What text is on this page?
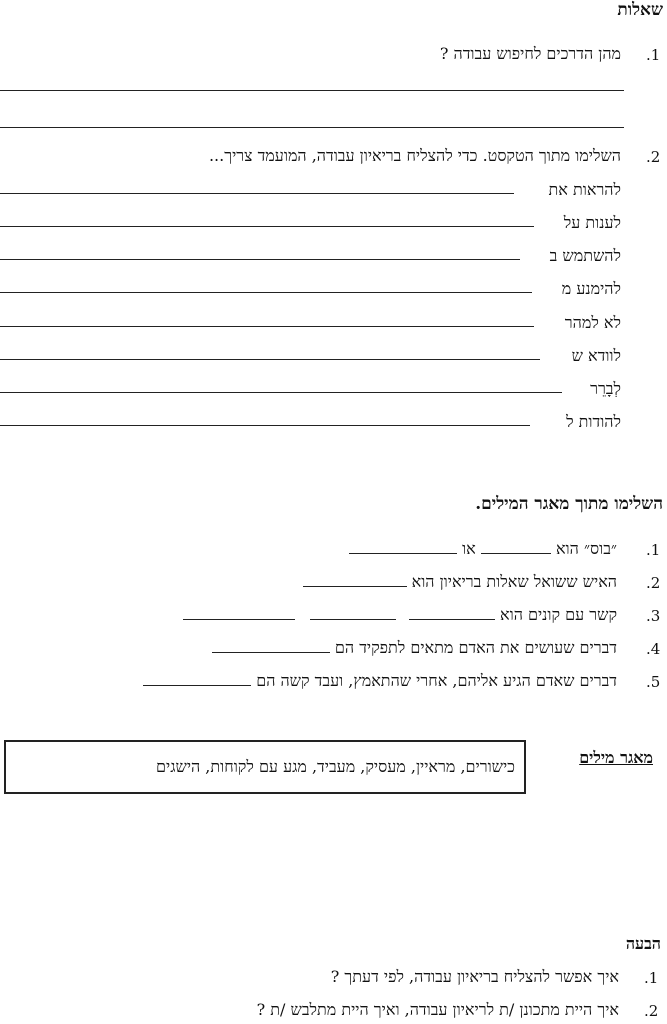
שאלות
.1
מהן הדרכים לחיפוש עבודה ?
.2
השלימו מתוך הטקסט. כדי להצליח בריאיון עבודה, המועמד צריך...
להראות את
לענות על
להשתמש ב
להימנע מ
לא למהר
לוודא ש
לְבָרֵר
להודות ל
השלימו מתוך מאגר המילים.
.1
״בוס״ הוא  או
.2
האיש ששואל שאלות בריאיון הוא
.3
קשר עם קונים הוא
.4
דברים שעושים את האדם מתאים לתפקיד הם
.5
דברים שאדם הגיע אליהם, אחרי שהתאמץ, ועבד קשה הם
מאגר מילים
כישורים, מראיין, מעסיק, מעביד, מגע עם לקוחות, הישגים
הבעה
.1
איך אפשר להצליח בריאיון עבודה, לפי דעתך ?
.2
איך היית מתכונן /ת לריאיון עבודה, ואיך היית מתלבש /ת ?
